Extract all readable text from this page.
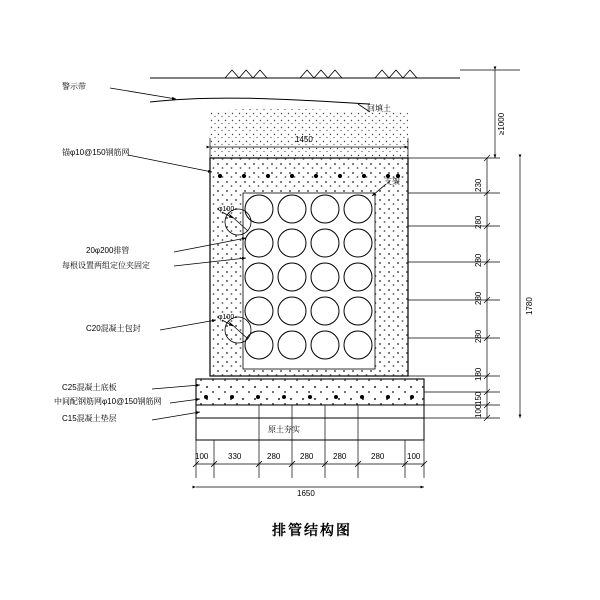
警示带
回填土
锚φ10@150钢筋网
支架
φ100
φ100
20φ200排管
每根设置两组定位夹固定
C20混凝土包封
C25混凝土底板
中间配钢筋网φ10@150钢筋网
C15混凝土垫层
原土夯实
1450
1650
100 330	280 280 280	280	100
≥1000
230
280
280
280
280
180
150
100
1780
排管结构图
